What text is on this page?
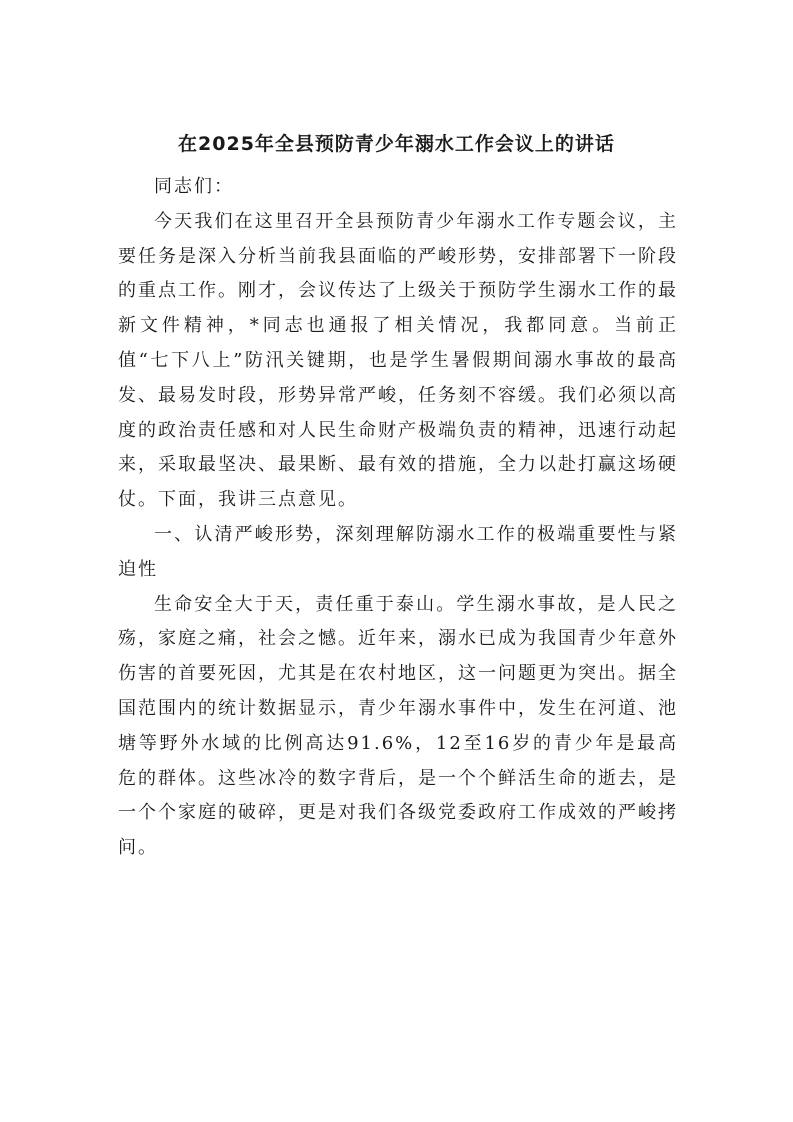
在2025年全县预防青少年溺水工作会议上的讲话

同志们：

今天我们在这里召开全县预防青少年溺水工作专题会议，主要任务是深入分析当前我县面临的严峻形势，安排部署下一阶段的重点工作。刚才，会议传达了上级关于预防学生溺水工作的最新文件精神，*同志也通报了相关情况，我都同意。当前正值“七下八上”防汛关键期，也是学生暑假期间溺水事故的最高发、最易发时段，形势异常严峻，任务刻不容缓。我们必须以高度的政治责任感和对人民生命财产极端负责的精神，迅速行动起来，采取最坚决、最果断、最有效的措施，全力以赴打赢这场硬仗。下面，我讲三点意见。

一、认清严峻形势，深刻理解防溺水工作的极端重要性与紧迫性

生命安全大于天，责任重于泰山。学生溺水事故，是人民之殇，家庭之痛，社会之憾。近年来，溺水已成为我国青少年意外伤害的首要死因，尤其是在农村地区，这一问题更为突出。据全国范围内的统计数据显示，青少年溺水事件中，发生在河道、池塘等野外水域的比例高达91.6%，12至16岁的青少年是最高危的群体。这些冰冷的数字背后，是一个个鲜活生命的逝去，是一个个家庭的破碎，更是对我们各级党委政府工作成效的严峻拷问。
